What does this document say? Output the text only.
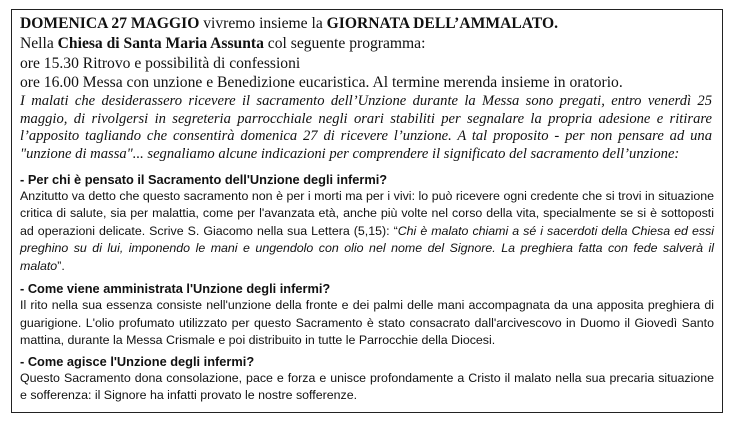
DOMENICA 27 MAGGIO vivremo insieme la GIORNATA DELL’AMMALATO.

Nella Chiesa di Santa Maria Assunta col seguente programma:

ore 15.30 Ritrovo e possibilità di confessioni

ore 16.00 Messa con unzione e Benedizione eucaristica. Al termine merenda insieme in oratorio.

I malati che desiderassero ricevere il sacramento dell’Unzione durante la Messa sono pregati, entro venerdì 25 maggio, di rivolgersi in segreteria parrocchiale negli orari stabiliti per segnalare la propria adesione e ritirare l’apposito tagliando che consentirà domenica 27 di ricevere l’unzione. A tal proposito - per non pensare ad una "unzione di massa"... segnaliamo alcune indicazioni per comprendere il significato del sacramento dell’unzione:

- Per chi è pensato il Sacramento dell'Unzione degli infermi?

Anzitutto va detto che questo sacramento non è per i morti ma per i vivi: lo può ricevere ogni credente che si trovi in situazione critica di salute, sia per malattia, come per l'avanzata età, anche più volte nel corso della vita, specialmente se si è sottoposti ad operazioni delicate. Scrive S. Giacomo nella sua Lettera (5,15): “Chi è malato chiami a sé i sacerdoti della Chiesa ed essi preghino su di lui, imponendo le mani e ungendolo con olio nel nome del Signore. La preghiera fatta con fede salverà il malato”.

- Come viene amministrata l'Unzione degli infermi?

Il rito nella sua essenza consiste nell'unzione della fronte e dei palmi delle mani accompagnata da una apposita preghiera di guarigione. L'olio profumato utilizzato per questo Sacramento è stato consacrato dall'arcivescovo in Duomo il Giovedì Santo mattina, durante la Messa Crismale e poi distribuito in tutte le Parrocchie della Diocesi.

- Come agisce l'Unzione degli infermi?

Questo Sacramento dona consolazione, pace e forza e unisce profondamente a Cristo il malato nella sua precaria situazione e sofferenza: il Signore ha infatti provato le nostre sofferenze.
